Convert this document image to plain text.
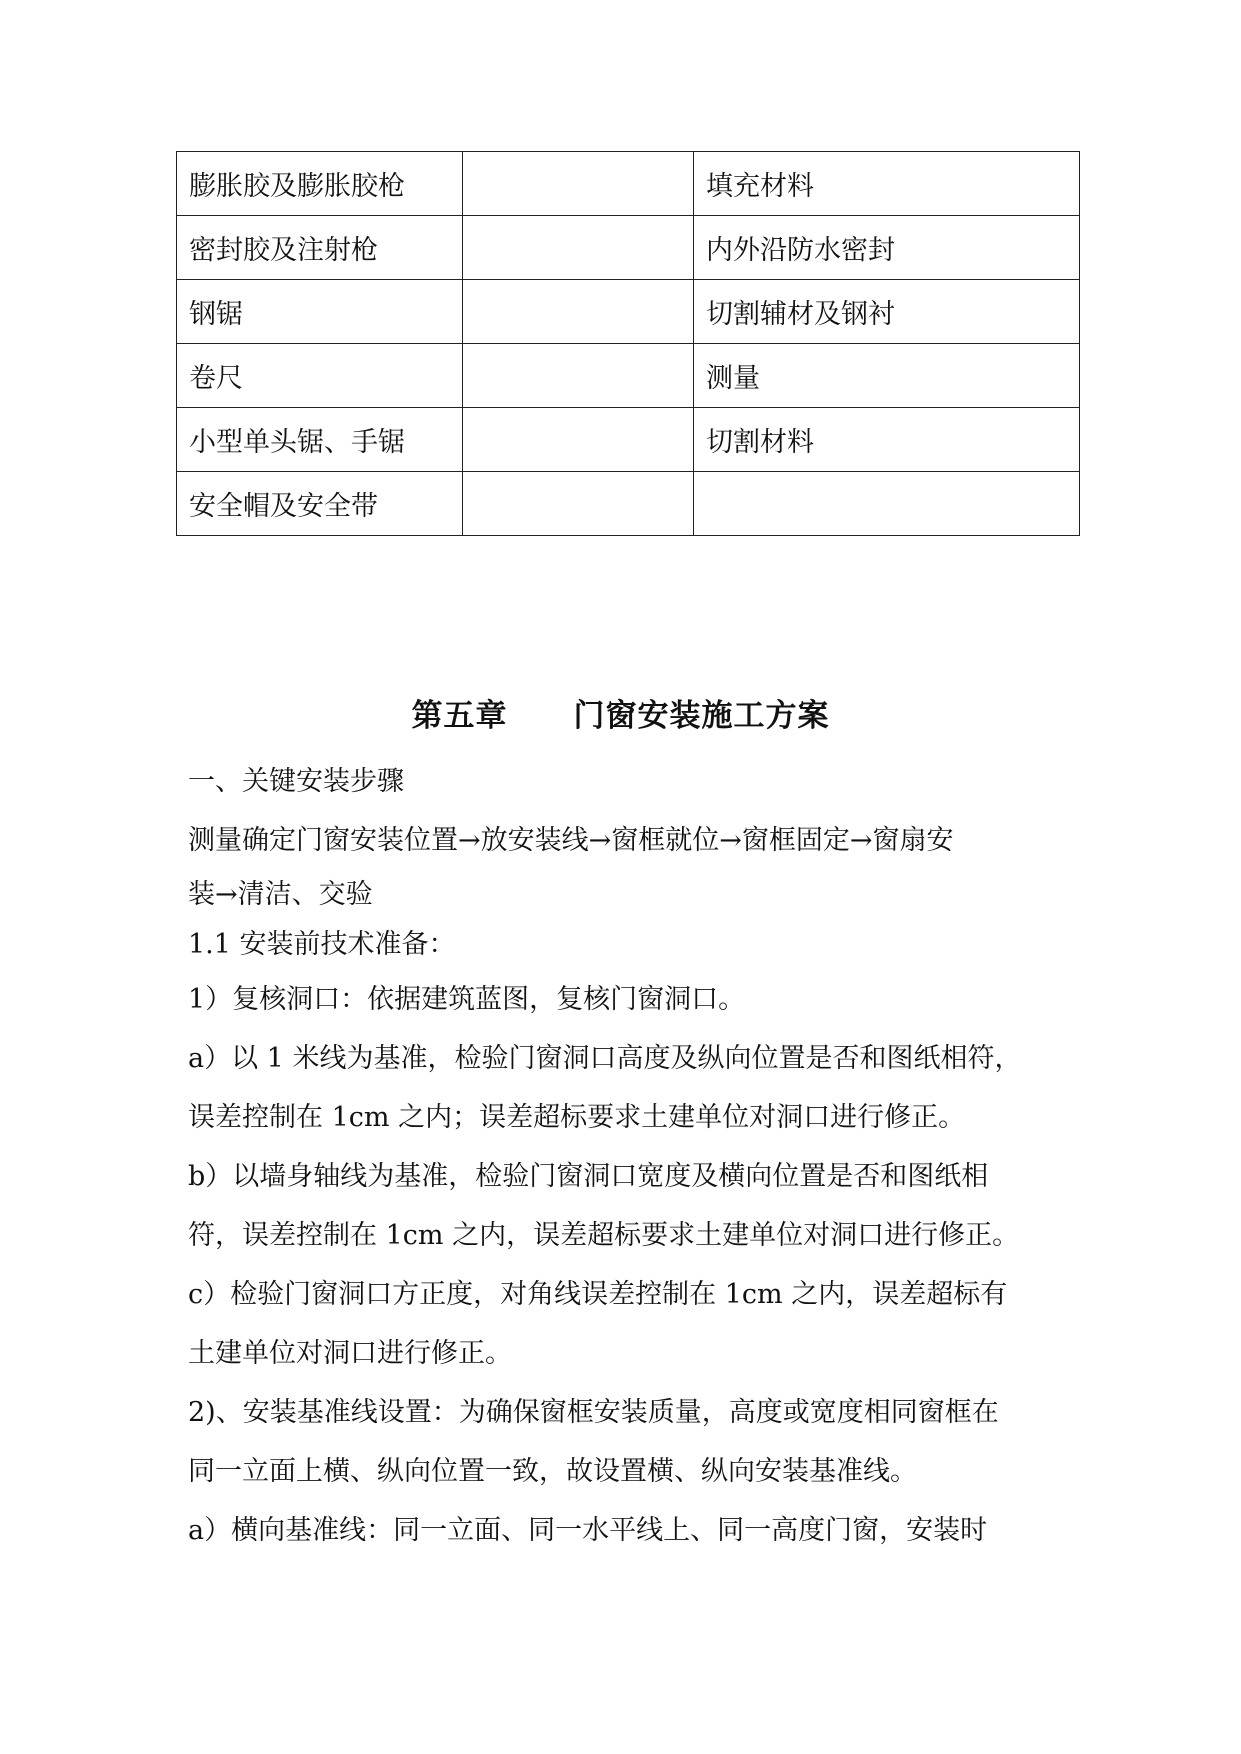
膨胀胶及膨胀胶枪		填充材料
密封胶及注射枪		内外沿防水密封
钢锯		切割辅材及钢衬
卷尺		测量
小型单头锯、手锯		切割材料
安全帽及安全带		
第五章 门窗安装施工方案

一、关键安装步骤

测量确定门窗安装位置→放安装线→窗框就位→窗框固定→窗扇安

装→清洁、交验

1.1 安装前技术准备：

1）复核洞口：依据建筑蓝图，复核门窗洞口。

a）以 1 米线为基准，检验门窗洞口高度及纵向位置是否和图纸相符，

误差控制在 1cm 之内；误差超标要求土建单位对洞口进行修正。

b）以墙身轴线为基准，检验门窗洞口宽度及横向位置是否和图纸相

符，误差控制在 1cm 之内，误差超标要求土建单位对洞口进行修正。

c）检验门窗洞口方正度，对角线误差控制在 1cm 之内，误差超标有

土建单位对洞口进行修正。

2)、安装基准线设置：为确保窗框安装质量，高度或宽度相同窗框在

同一立面上横、纵向位置一致，故设置横、纵向安装基准线。

a）横向基准线：同一立面、同一水平线上、同一高度门窗，安装时
